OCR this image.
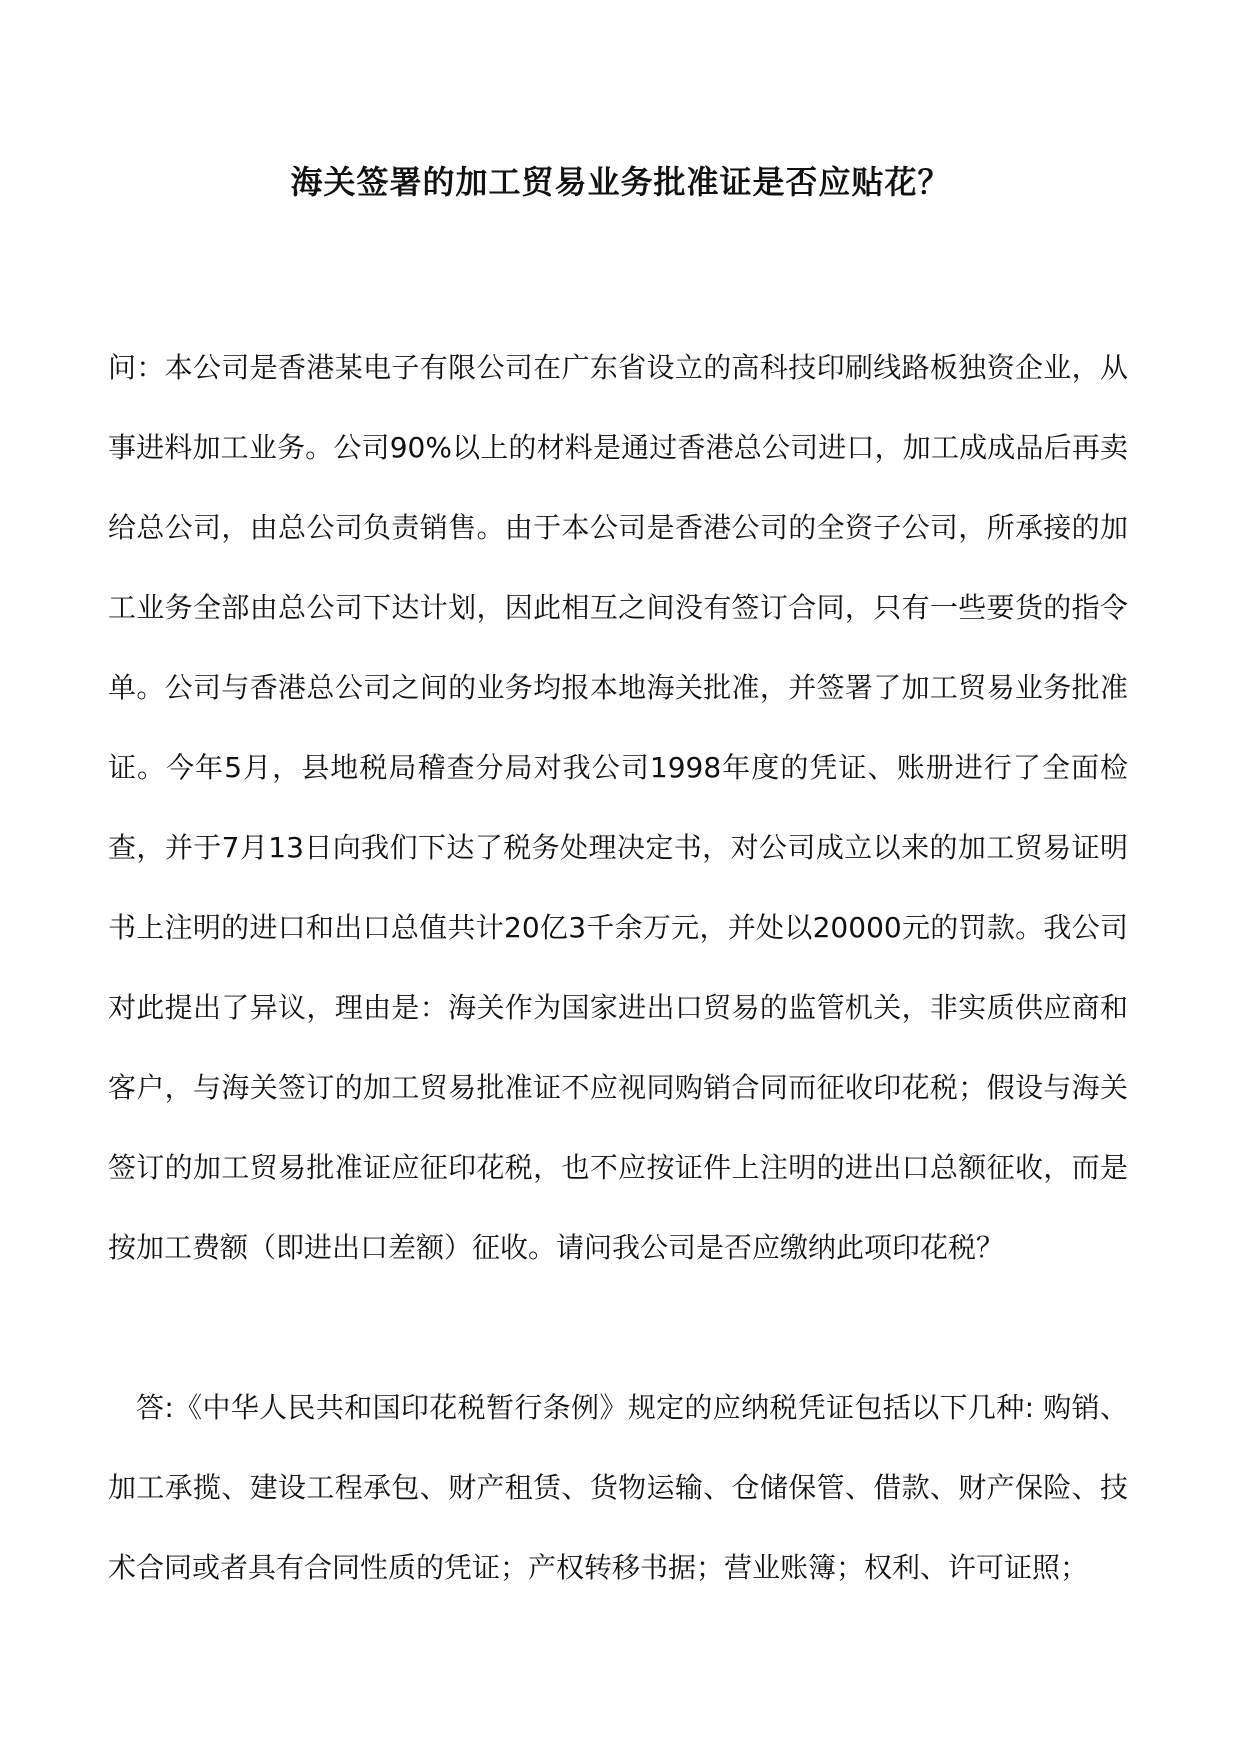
海关签署的加工贸易业务批准证是否应贴花？

问：本公司是香港某电子有限公司在广东省设立的高科技印刷线路板独资企业，从事进料加工业务。公司90%以上的材料是通过香港总公司进口，加工成成品后再卖给总公司，由总公司负责销售。由于本公司是香港公司的全资子公司，所承接的加工业务全部由总公司下达计划，因此相互之间没有签订合同，只有一些要货的指令单。公司与香港总公司之间的业务均报本地海关批准，并签署了加工贸易业务批准证。今年5月，县地税局稽查分局对我公司1998年度的凭证、账册进行了全面检查，并于7月13日向我们下达了税务处理决定书，对公司成立以来的加工贸易证明书上注明的进口和出口总值共计20亿3千余万元，并处以20000元的罚款。我公司对此提出了异议，理由是：海关作为国家进出口贸易的监管机关，非实质供应商和客户，与海关签订的加工贸易批准证不应视同购销合同而征收印花税；假设与海关签订的加工贸易批准证应征印花税，也不应按证件上注明的进出口总额征收，而是按加工费额（即进出口差额）征收。请问我公司是否应缴纳此项印花税？

答:《中华人民共和国印花税暂行条例》规定的应纳税凭证包括以下几种: 购销、加工承揽、建设工程承包、财产租赁、货物运输、仓储保管、借款、财产保险、技术合同或者具有合同性质的凭证；产权转移书据；营业账簿；权利、许可证照；
